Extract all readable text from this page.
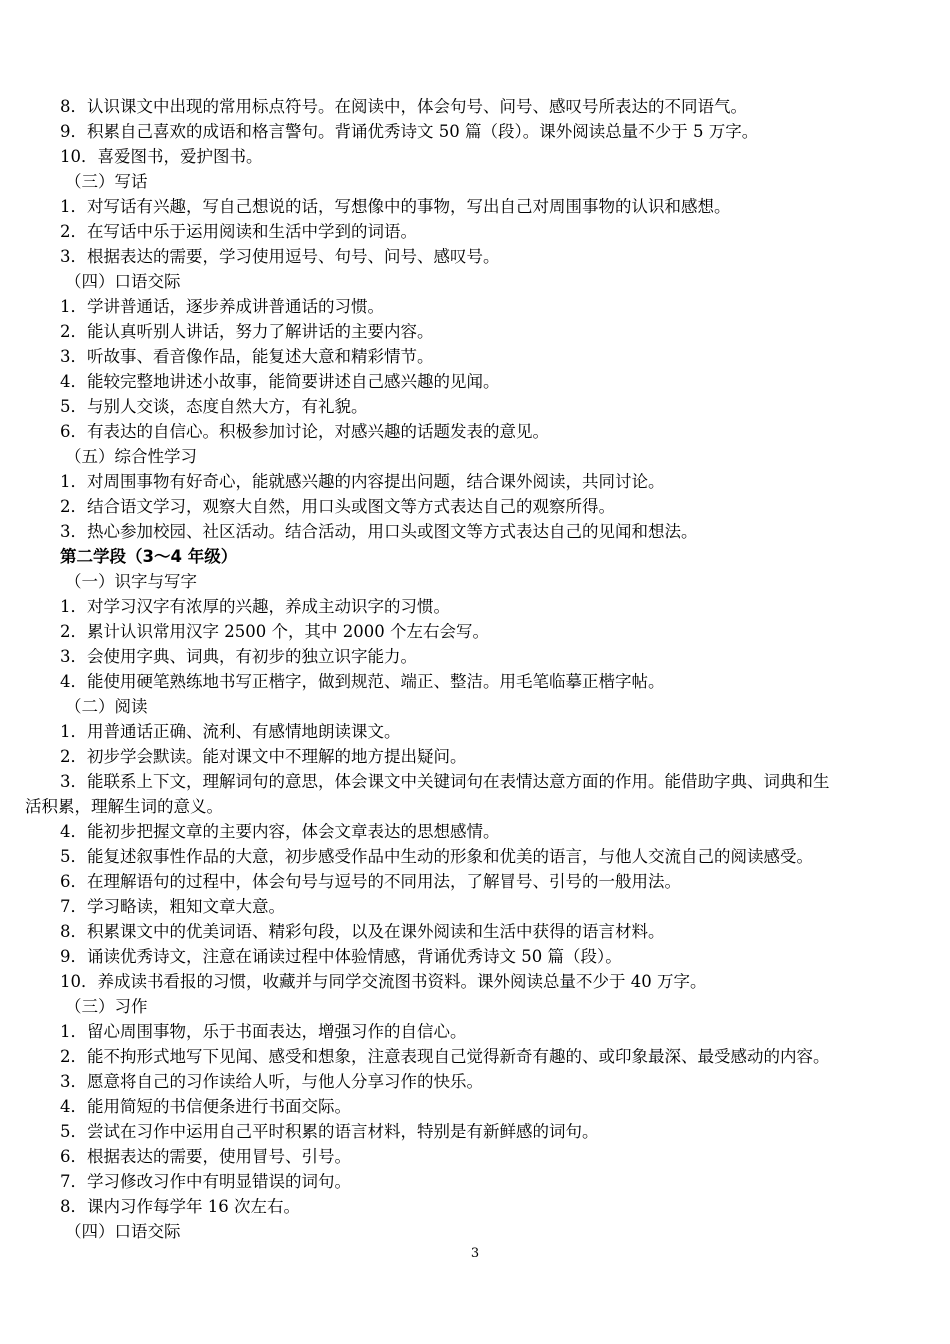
8．认识课文中出现的常用标点符号。在阅读中，体会句号、问号、感叹号所表达的不同语气。
9．积累自己喜欢的成语和格言警句。背诵优秀诗文 50 篇（段）。课外阅读总量不少于 5 万字。
10．喜爱图书，爱护图书。
（三）写话
1．对写话有兴趣，写自己想说的话，写想像中的事物，写出自己对周围事物的认识和感想。
2．在写话中乐于运用阅读和生活中学到的词语。
3．根据表达的需要，学习使用逗号、句号、问号、感叹号。
（四）口语交际
1．学讲普通话，逐步养成讲普通话的习惯。
2．能认真听别人讲话，努力了解讲话的主要内容。
3．听故事、看音像作品，能复述大意和精彩情节。
4．能较完整地讲述小故事，能简要讲述自己感兴趣的见闻。
5．与别人交谈，态度自然大方，有礼貌。
6．有表达的自信心。积极参加讨论，对感兴趣的话题发表的意见。
（五）综合性学习
1．对周围事物有好奇心，能就感兴趣的内容提出问题，结合课外阅读，共同讨论。
2．结合语文学习，观察大自然，用口头或图文等方式表达自己的观察所得。
3．热心参加校园、社区活动。结合活动，用口头或图文等方式表达自己的见闻和想法。
第二学段（3～4 年级）
（一）识字与写字
1．对学习汉字有浓厚的兴趣，养成主动识字的习惯。
2．累计认识常用汉字 2500 个，其中 2000 个左右会写。
3．会使用字典、词典，有初步的独立识字能力。
4．能使用硬笔熟练地书写正楷字，做到规范、端正、整洁。用毛笔临摹正楷字帖。
（二）阅读
1．用普通话正确、流利、有感情地朗读课文。
2．初步学会默读。能对课文中不理解的地方提出疑问。
3．能联系上下文，理解词句的意思，体会课文中关键词句在表情达意方面的作用。能借助字典、词典和生
活积累，理解生词的意义。
4．能初步把握文章的主要内容，体会文章表达的思想感情。
5．能复述叙事性作品的大意，初步感受作品中生动的形象和优美的语言，与他人交流自己的阅读感受。
6．在理解语句的过程中，体会句号与逗号的不同用法，了解冒号、引号的一般用法。
7．学习略读，粗知文章大意。
8．积累课文中的优美词语、精彩句段，以及在课外阅读和生活中获得的语言材料。
9．诵读优秀诗文，注意在诵读过程中体验情感，背诵优秀诗文 50 篇（段）。
10．养成读书看报的习惯，收藏并与同学交流图书资料。课外阅读总量不少于 40 万字。
（三）习作
1．留心周围事物，乐于书面表达，增强习作的自信心。
2．能不拘形式地写下见闻、感受和想象，注意表现自己觉得新奇有趣的、或印象最深、最受感动的内容。
3．愿意将自己的习作读给人听，与他人分享习作的快乐。
4．能用简短的书信便条进行书面交际。
5．尝试在习作中运用自己平时积累的语言材料，特别是有新鲜感的词句。
6．根据表达的需要，使用冒号、引号。
7．学习修改习作中有明显错误的词句。
8．课内习作每学年 16 次左右。
（四）口语交际
3
